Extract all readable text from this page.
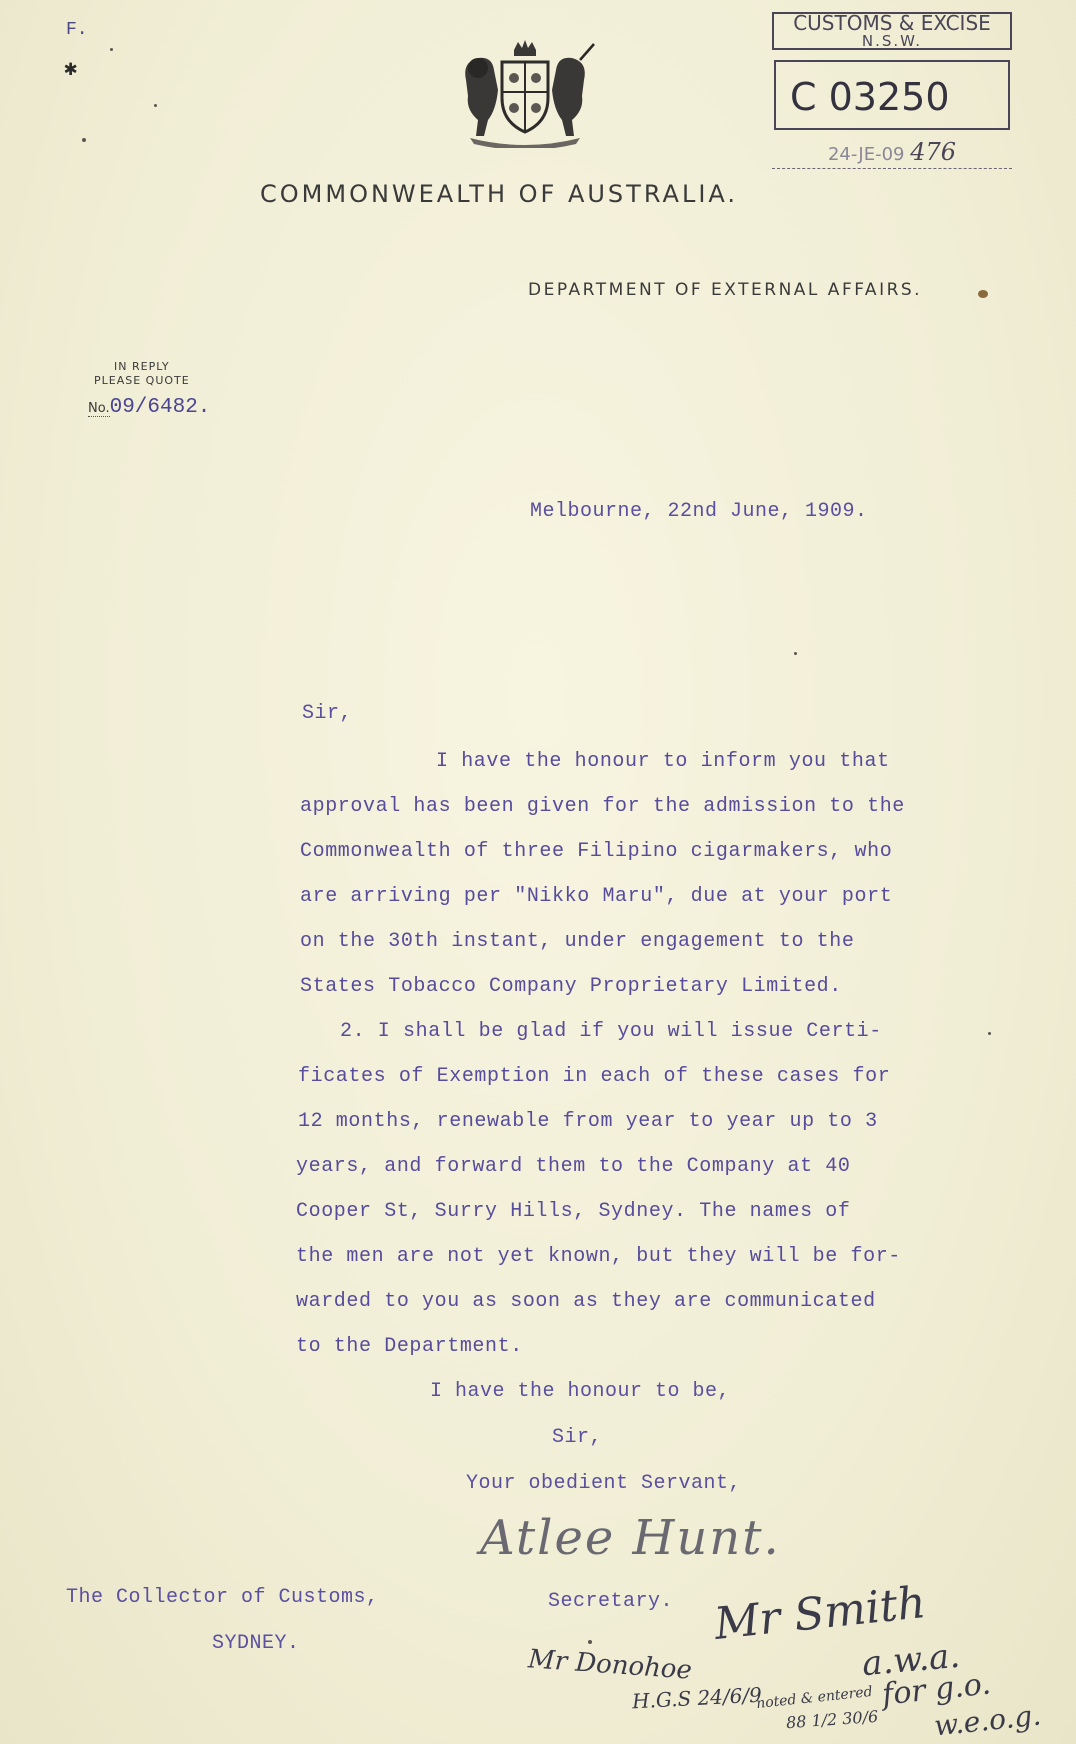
F.
✱
CUSTOMS & EXCISE
N.S.W.
C 03250
24-JE-09 476
COMMONWEALTH OF AUSTRALIA.
DEPARTMENT OF EXTERNAL AFFAIRS.
IN REPLY
PLEASE QUOTE
No.09/6482.
Melbourne, 22nd June, 1909.
Sir,
I have the honour to inform you that
approval has been given for the admission to the
Commonwealth of three Filipino cigarmakers, who
are arriving per "Nikko Maru", due at your port
on the 30th instant, under engagement to the
States Tobacco Company Proprietary Limited.
2. I shall be glad if you will issue Certi-
ficates of Exemption in each of these cases for
12 months, renewable from year to year up to 3
years, and forward them to the Company at 40
Cooper St, Surry Hills, Sydney. The names of
the men are not yet known, but they will be for-
warded to you as soon as they are communicated
to the Department.
I have the honour to be,
Sir,
Your obedient Servant,
Atlee Hunt.
The Collector of Customs,
SYDNEY.
Secretary. Mr Smith
a.w.a.
for g.o.
Mr Donohoe
H.G.S 24/6/9
noted & entered
88 1/2 30/6 w.e.o.g.
